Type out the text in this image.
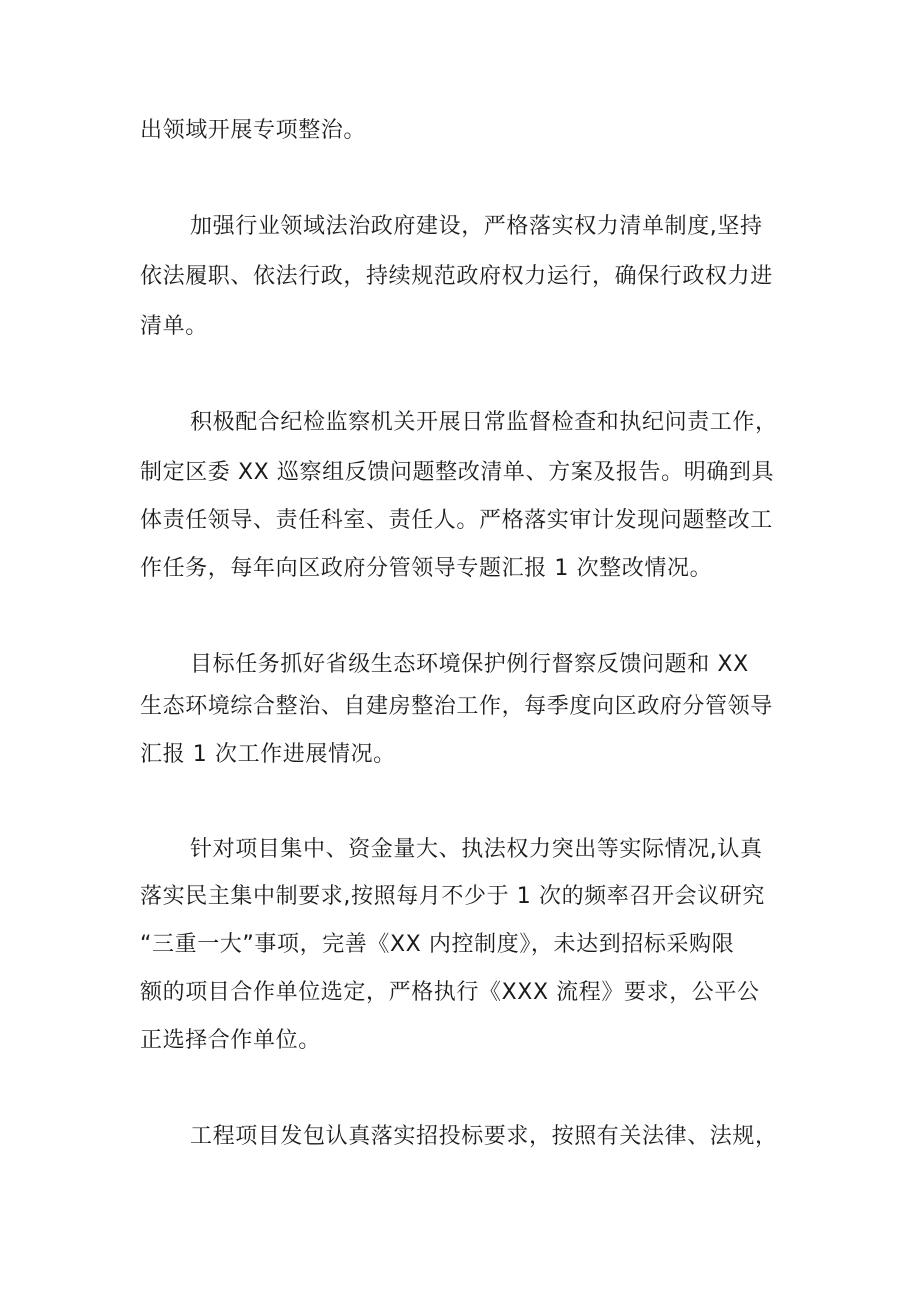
出领域开展专项整治。
加强行业领域法治政府建设，严格落实权力清单制度,坚持
依法履职、依法行政，持续规范政府权力运行，确保行政权力进
清单。
积极配合纪检监察机关开展日常监督检查和执纪问责工作，
制定区委 XX 巡察组反馈问题整改清单、方案及报告。明确到具
体责任领导、责任科室、责任人。严格落实审计发现问题整改工
作任务，每年向区政府分管领导专题汇报 1 次整改情况。
目标任务抓好省级生态环境保护例行督察反馈问题和 XX
生态环境综合整治、自建房整治工作，每季度向区政府分管领导
汇报 1 次工作进展情况。
针对项目集中、资金量大、执法权力突出等实际情况,认真
落实民主集中制要求,按照每月不少于 1 次的频率召开会议研究
“三重一大”事项，完善《XX 内控制度》，未达到招标采购限
额的项目合作单位选定，严格执行《XXX 流程》要求，公平公
正选择合作单位。
工程项目发包认真落实招投标要求，按照有关法律、法规，
